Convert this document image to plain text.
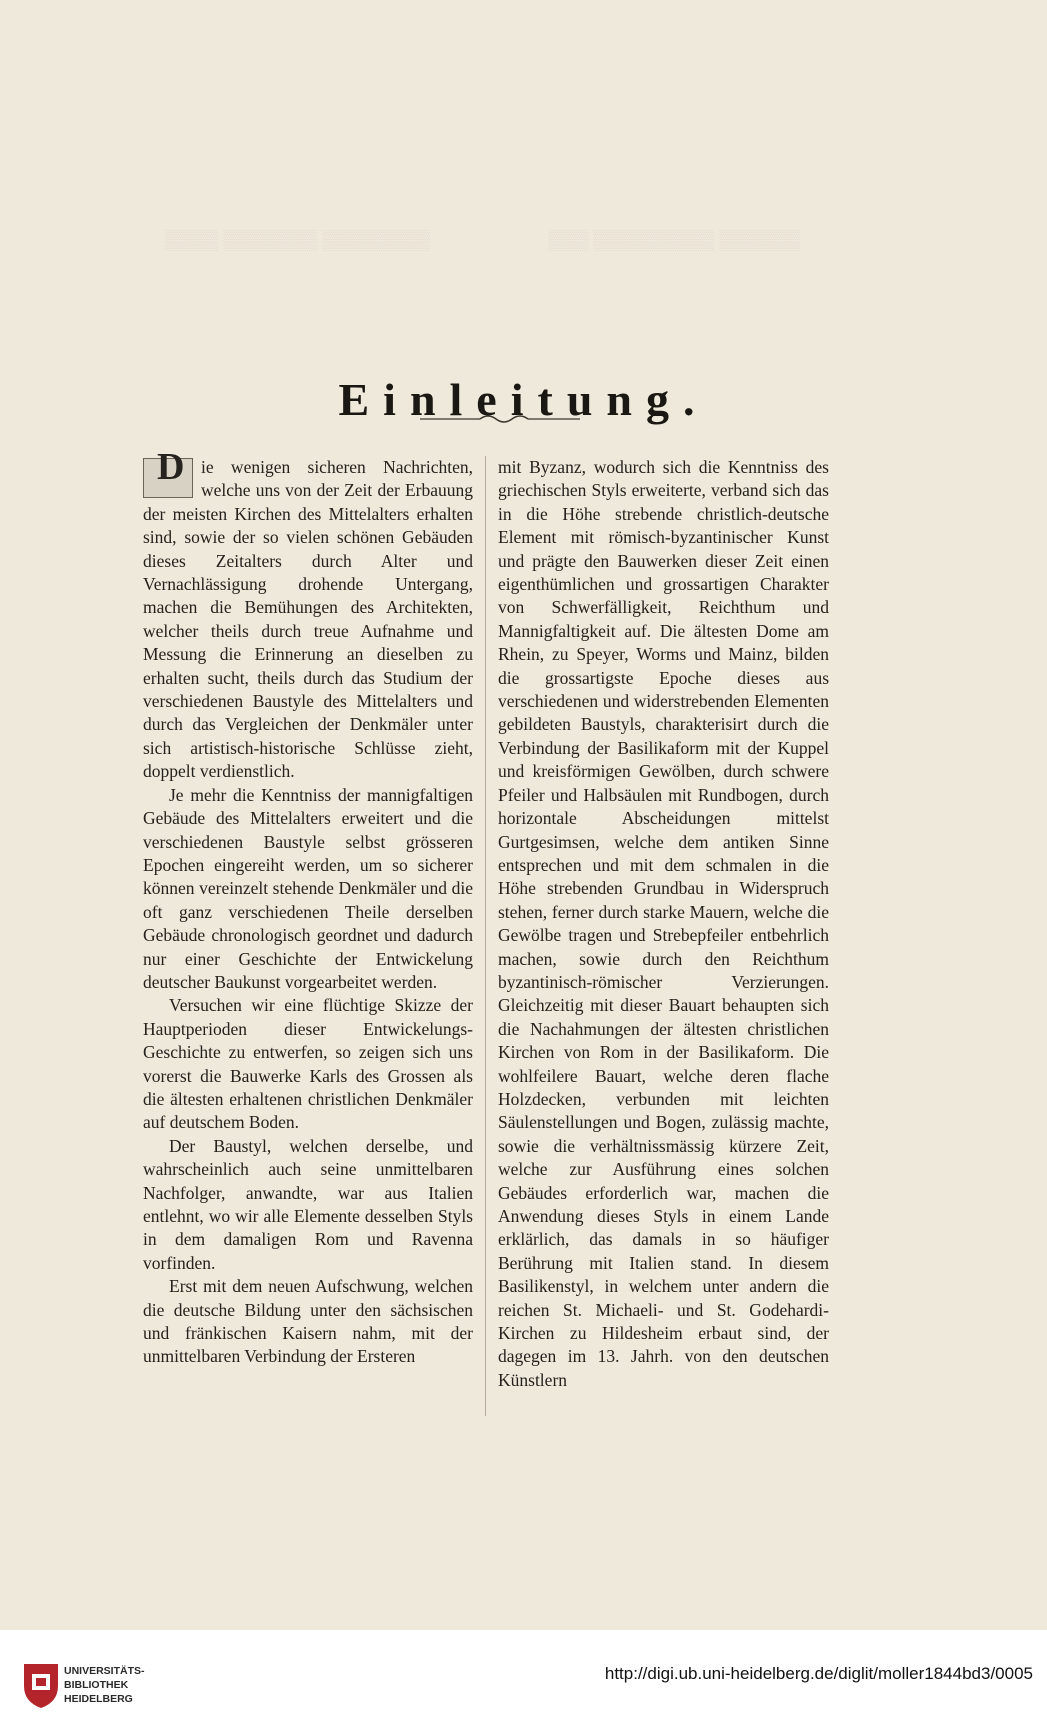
▒▒▒▒▒▒▒▒ ▒▒▒▒▒▒▒ ▒▒▒▒	▒▒▒▒▒▒ ▒▒▒▒▒▒▒▒▒ ▒▒▒
Einleitung.
D ie wenigen sicheren Nachrichten, welche uns von der Zeit der Erbauung der meisten Kirchen des Mittelalters erhalten sind, sowie der so vielen schönen Gebäuden dieses Zeitalters durch Alter und Vernachlässigung drohende Untergang, machen die Bemühungen des Architekten, welcher theils durch treue Aufnahme und Messung die Erinnerung an dieselben zu erhalten sucht, theils durch das Studium der verschiedenen Baustyle des Mittelalters und durch das Vergleichen der Denkmäler unter sich artistisch-historische Schlüsse zieht, doppelt verdienstlich.

Je mehr die Kenntniss der mannigfaltigen Gebäude des Mittelalters erweitert und die verschiedenen Baustyle selbst grösseren Epochen eingereiht werden, um so sicherer können vereinzelt stehende Denkmäler und die oft ganz verschiedenen Theile derselben Gebäude chronologisch geordnet und dadurch nur einer Geschichte der Entwickelung deutscher Baukunst vorgearbeitet werden.

Versuchen wir eine flüchtige Skizze der Hauptperioden dieser Entwickelungs-Geschichte zu entwerfen, so zeigen sich uns vorerst die Bauwerke Karls des Grossen als die ältesten erhaltenen christlichen Denkmäler auf deutschem Boden.

Der Baustyl, welchen derselbe, und wahrscheinlich auch seine unmittelbaren Nachfolger, anwandte, war aus Italien entlehnt, wo wir alle Elemente desselben Styls in dem damaligen Rom und Ravenna vorfinden.

Erst mit dem neuen Aufschwung, welchen die deutsche Bildung unter den sächsischen und fränkischen Kaisern nahm, mit der unmittelbaren Verbindung der Ersteren

mit Byzanz, wodurch sich die Kenntniss des griechischen Styls erweiterte, verband sich das in die Höhe strebende christlich-deutsche Element mit römisch-byzantinischer Kunst und prägte den Bauwerken dieser Zeit einen eigenthümlichen und grossartigen Charakter von Schwerfälligkeit, Reichthum und Mannigfaltigkeit auf. Die ältesten Dome am Rhein, zu Speyer, Worms und Mainz, bilden die grossartigste Epoche dieses aus verschiedenen und widerstrebenden Elementen gebildeten Baustyls, charakterisirt durch die Verbindung der Basilikaform mit der Kuppel und kreisförmigen Gewölben, durch schwere Pfeiler und Halbsäulen mit Rundbogen, durch horizontale Abscheidungen mittelst Gurtgesimsen, welche dem antiken Sinne entsprechen und mit dem schmalen in die Höhe strebenden Grundbau in Widerspruch stehen, ferner durch starke Mauern, welche die Gewölbe tragen und Strebepfeiler entbehrlich machen, sowie durch den Reichthum byzantinisch-römischer Verzierungen. Gleichzeitig mit dieser Bauart behaupten sich die Nachahmungen der ältesten christlichen Kirchen von Rom in der Basilikaform. Die wohlfeilere Bauart, welche deren flache Holzdecken, verbunden mit leichten Säulenstellungen und Bogen, zulässig machte, sowie die verhältnissmässig kürzere Zeit, welche zur Ausführung eines solchen Gebäudes erforderlich war, machen die Anwendung dieses Styls in einem Lande erklärlich, das damals in so häufiger Berührung mit Italien stand. In diesem Basilikenstyl, in welchem unter andern die reichen St. Michaeli- und St. Godehardi-Kirchen zu Hildesheim erbaut sind, der dagegen im 13. Jahrh. von den deutschen Künstlern

UNIVERSITÄTS-
BIBLIOTHEK
HEIDELBERG
http://digi.ub.uni-heidelberg.de/diglit/moller1844bd3/0005
